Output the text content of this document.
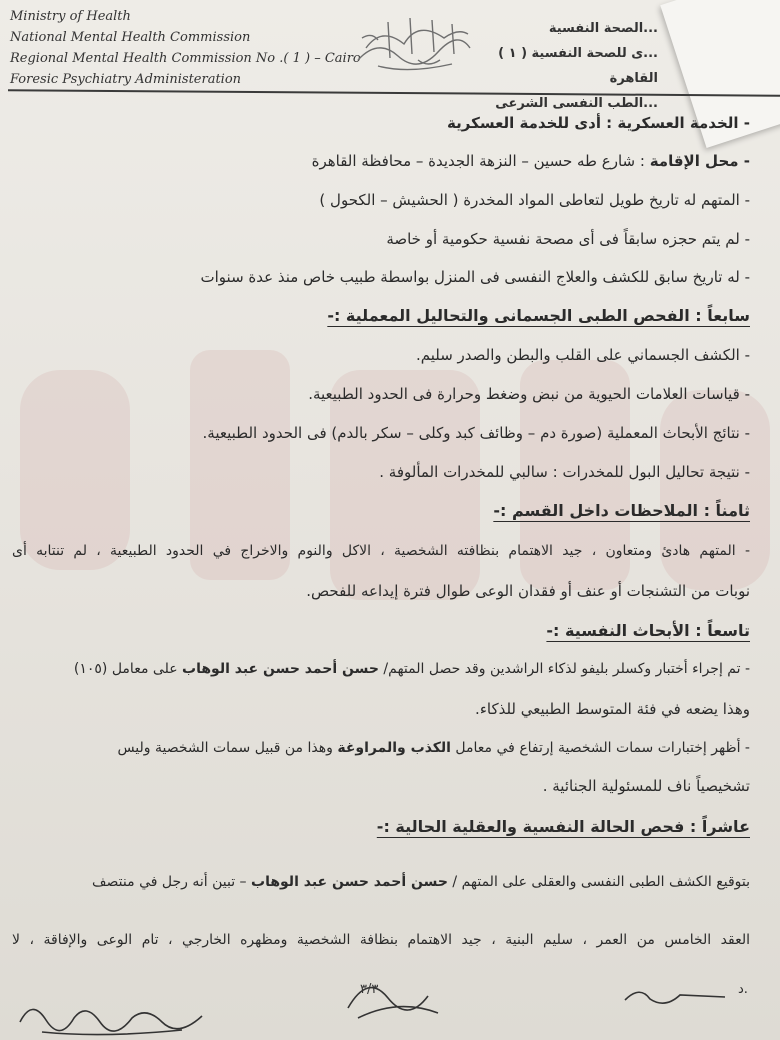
Ministry of Health
National Mental Health Commission
Regional Mental Health Commission No .( 1 ) – Cairo
Foresic Psychiatry Administeration
...الصحة النفسية
...ى للصحة النفسية ( ١ ) القاهرة
...الطب النفسى الشرعى
- الخدمة العسكرية : أدى للخدمة العسكرية
- محل الإقامة : شارع طه حسين – النزهة الجديدة – محافظة القاهرة
- المتهم له تاريخ طويل لتعاطى المواد المخدرة ( الحشيش – الكحول )
- لم يتم حجزه سابقاً فى أى مصحة نفسية حكومية أو خاصة
- له تاريخ سابق للكشف والعلاج النفسى فى المنزل بواسطة طبيب خاص منذ عدة سنوات
سابعاً : الفحص الطبى الجسمانى والتحاليل المعملية :-
- الكشف الجسماني على القلب والبطن والصدر سليم.
- قياسات العلامات الحيوية من نبض وضغط وحرارة فى الحدود الطبيعية.
- نتائج الأبحاث المعملية (صورة دم – وظائف كبد وكلى – سكر بالدم) فى الحدود الطبيعية.
- نتيجة تحاليل البول للمخدرات : سالبي للمخدرات المألوفة .
ثامناً : الملاحظات داخل القسم :-
- المتهم هادئ ومتعاون ، جيد الاهتمام بنظافته الشخصية ، الاكل والنوم والاخراج في الحدود الطبيعية ، لم تنتابه أى
نوبات من التشنجات أو عنف أو فقدان الوعى طوال فترة إيداعه للفحص.
تاسعاً : الأبحاث النفسية :-
- تم إجراء أختبار وكسلر بليفو لذكاء الراشدين وقد حصل المتهم/ حسن أحمد حسن عبد الوهاب على معامل (١٠٥)
وهذا يضعه في فئة المتوسط الطبيعي للذكاء.
- أظهر إختبارات سمات الشخصية إرتفاع في معامل الكذب والمراوغة وهذا من قبيل سمات الشخصية وليس
تشخيصياً ناف للمسئولية الجنائية .
عاشراً : فحص الحالة النفسية والعقلية الحالية :-
بتوقيع الكشف الطبى النفسى والعقلى على المتهم / حسن أحمد حسن عبد الوهاب – تبين أنه رجل في منتصف
العقد الخامس من العمر ، سليم البنية ، جيد الاهتمام بنظافة الشخصية ومظهره الخارجي ، تام الوعى والإفاقة ، لا
٣/٣	د.
